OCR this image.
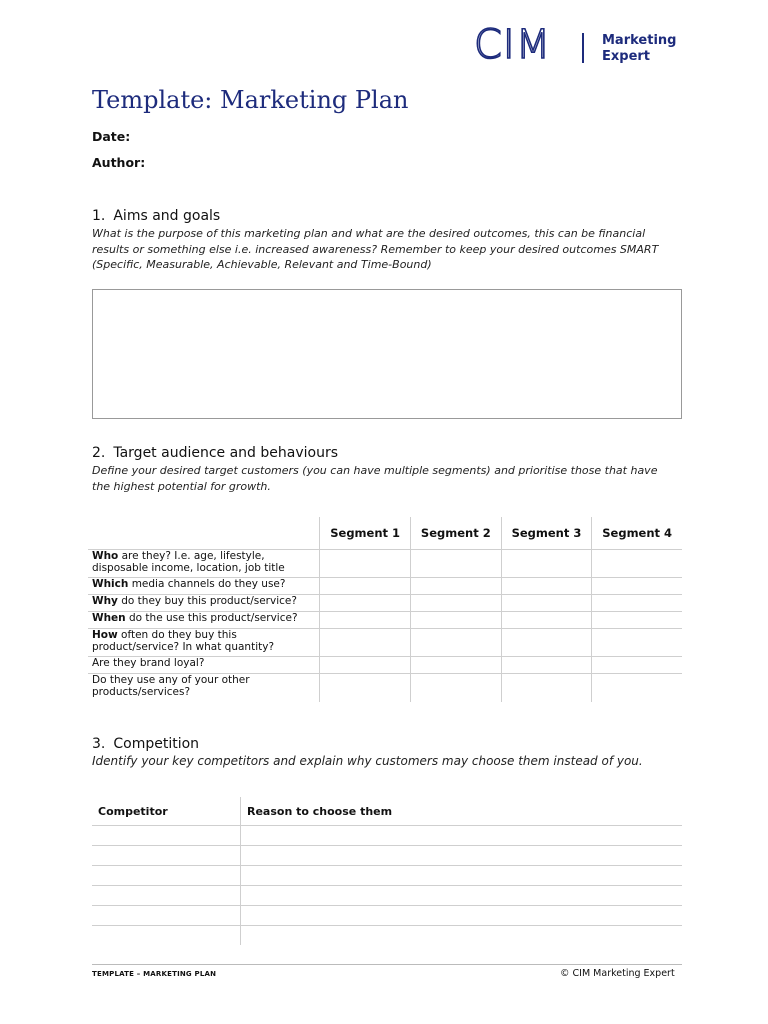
CIM	Marketing
Expert
Template: Marketing Plan
Date:
Author:
1. Aims and goals
What is the purpose of this marketing plan and what are the desired outcomes, this can be financial results or something else i.e. increased awareness? Remember to keep your desired outcomes SMART (Specific, Measurable, Achievable, Relevant and Time-Bound)
2. Target audience and behaviours
Define your desired target customers (you can have multiple segments) and prioritise those that have the highest potential for growth.
	Segment 1	Segment 2	Segment 3	Segment 4
Who are they? I.e. age, lifestyle, disposable income, location, job title				
Which media channels do they use?				
Why do they buy this product/service?				
When do the use this product/service?				
How often do they buy this product/service? In what quantity?				
Are they brand loyal?				
Do they use any of your other products/services?				
3. Competition
Identify your key competitors and explain why customers may choose them instead of you.
Competitor	Reason to choose them

TEMPLATE – MARKETING PLAN	© CIM Marketing Expert
